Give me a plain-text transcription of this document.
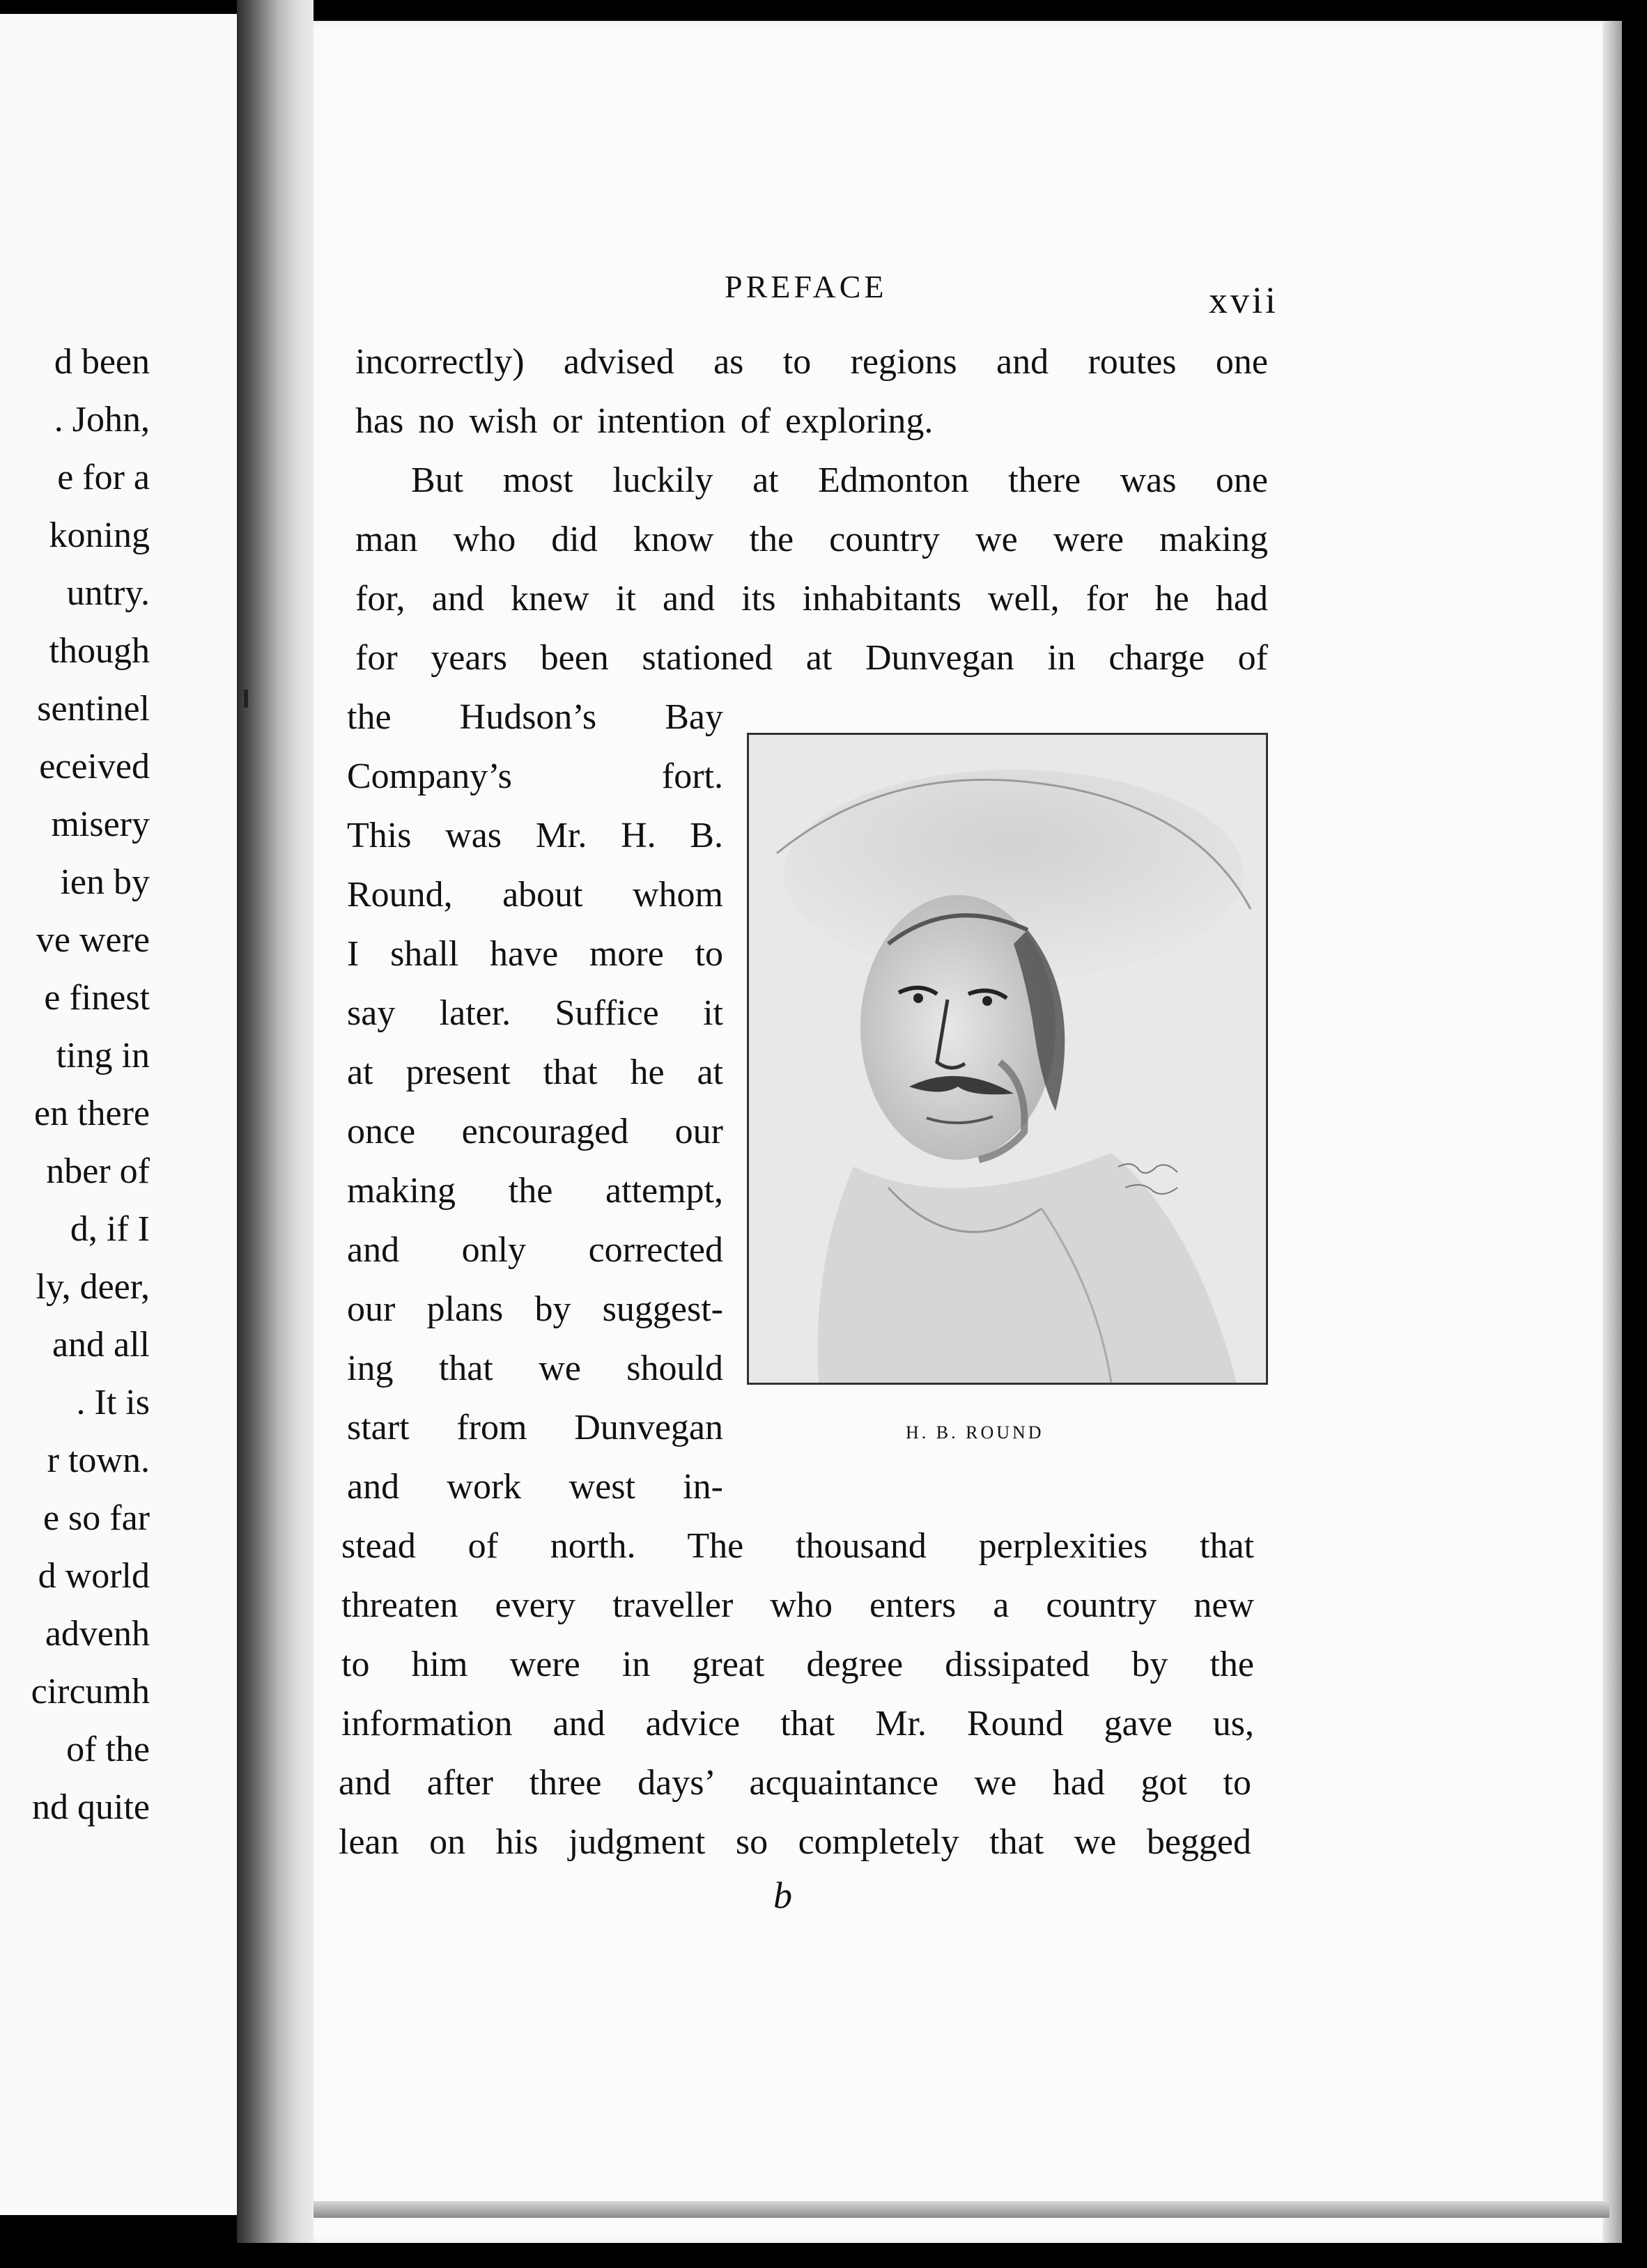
d been
. John,
e for a
koning
untry.
though
sentinel
eceived
misery
ien by
ve were
e finest
ting in
en there
nber of
d, if I
ly, deer,
and all
. It is
r town.
e so far
d world
advenh
circumh
of the
nd quite
PREFACE	xvii
incorrectly) advised as to regions and routes one
has no wish or intention of exploring.
But most luckily at Edmonton there was one
man who did know the country we were making
for, and knew it and its inhabitants well, for he had
for years been stationed at Dunvegan in charge of
the Hudson’s Bay
Company’s fort.
This was Mr. H. B.
Round, about whom
I shall have more to
say later. Suffice it
at present that he at
once encouraged our
making the attempt,
and only corrected
our plans by suggest-
ing that we should
start from Dunvegan
and work west in-
stead of north. The thousand perplexities that
threaten every traveller who enters a country new
to him were in great degree dissipated by the
information and advice that Mr. Round gave us,
and after three days’ acquaintance we had got to
lean on his judgment so completely that we begged
H. B. ROUND
b
